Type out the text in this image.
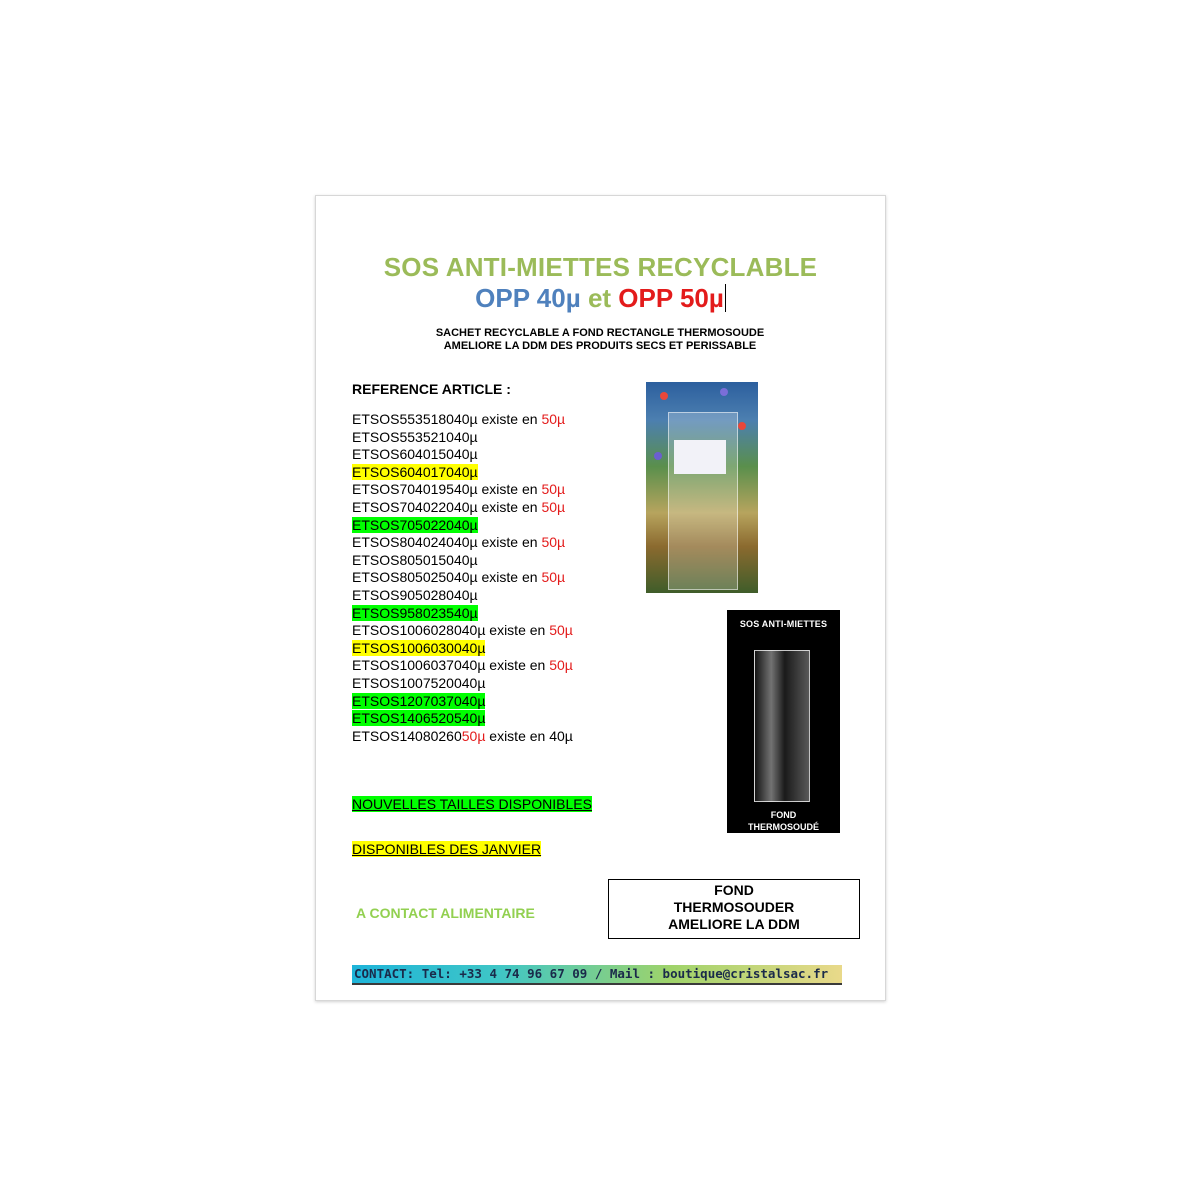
SOS ANTI-MIETTES RECYCLABLE
OPP 40µ et OPP 50µ
SACHET RECYCLABLE A FOND RECTANGLE THERMOSOUDE
AMELIORE LA DDM DES PRODUITS SECS ET PERISSABLE
REFERENCE ARTICLE :
ETSOS553518040µ existe en 50µ
ETSOS553521040µ
ETSOS604015040µ
ETSOS604017040µ
ETSOS704019540µ existe en 50µ
ETSOS704022040µ existe en 50µ
ETSOS705022040µ
ETSOS804024040µ existe en 50µ
ETSOS805015040µ
ETSOS805025040µ existe en 50µ
ETSOS905028040µ
ETSOS958023540µ
ETSOS1006028040µ existe en 50µ
ETSOS1006030040µ
ETSOS1006037040µ existe en 50µ
ETSOS1007520040µ
ETSOS1207037040µ
ETSOS1406520540µ
ETSOS1408026050µ existe en 40µ
SOS ANTI-MIETTES
FOND
THERMOSOUDÉ
NOUVELLES TAILLES DISPONIBLES
DISPONIBLES DES JANVIER
A CONTACT ALIMENTAIRE
FOND
THERMOSOUDER
AMELIORE LA DDM
CONTACT: Tel: +33 4 74 96 67 09 / Mail : boutique@cristalsac.fr
